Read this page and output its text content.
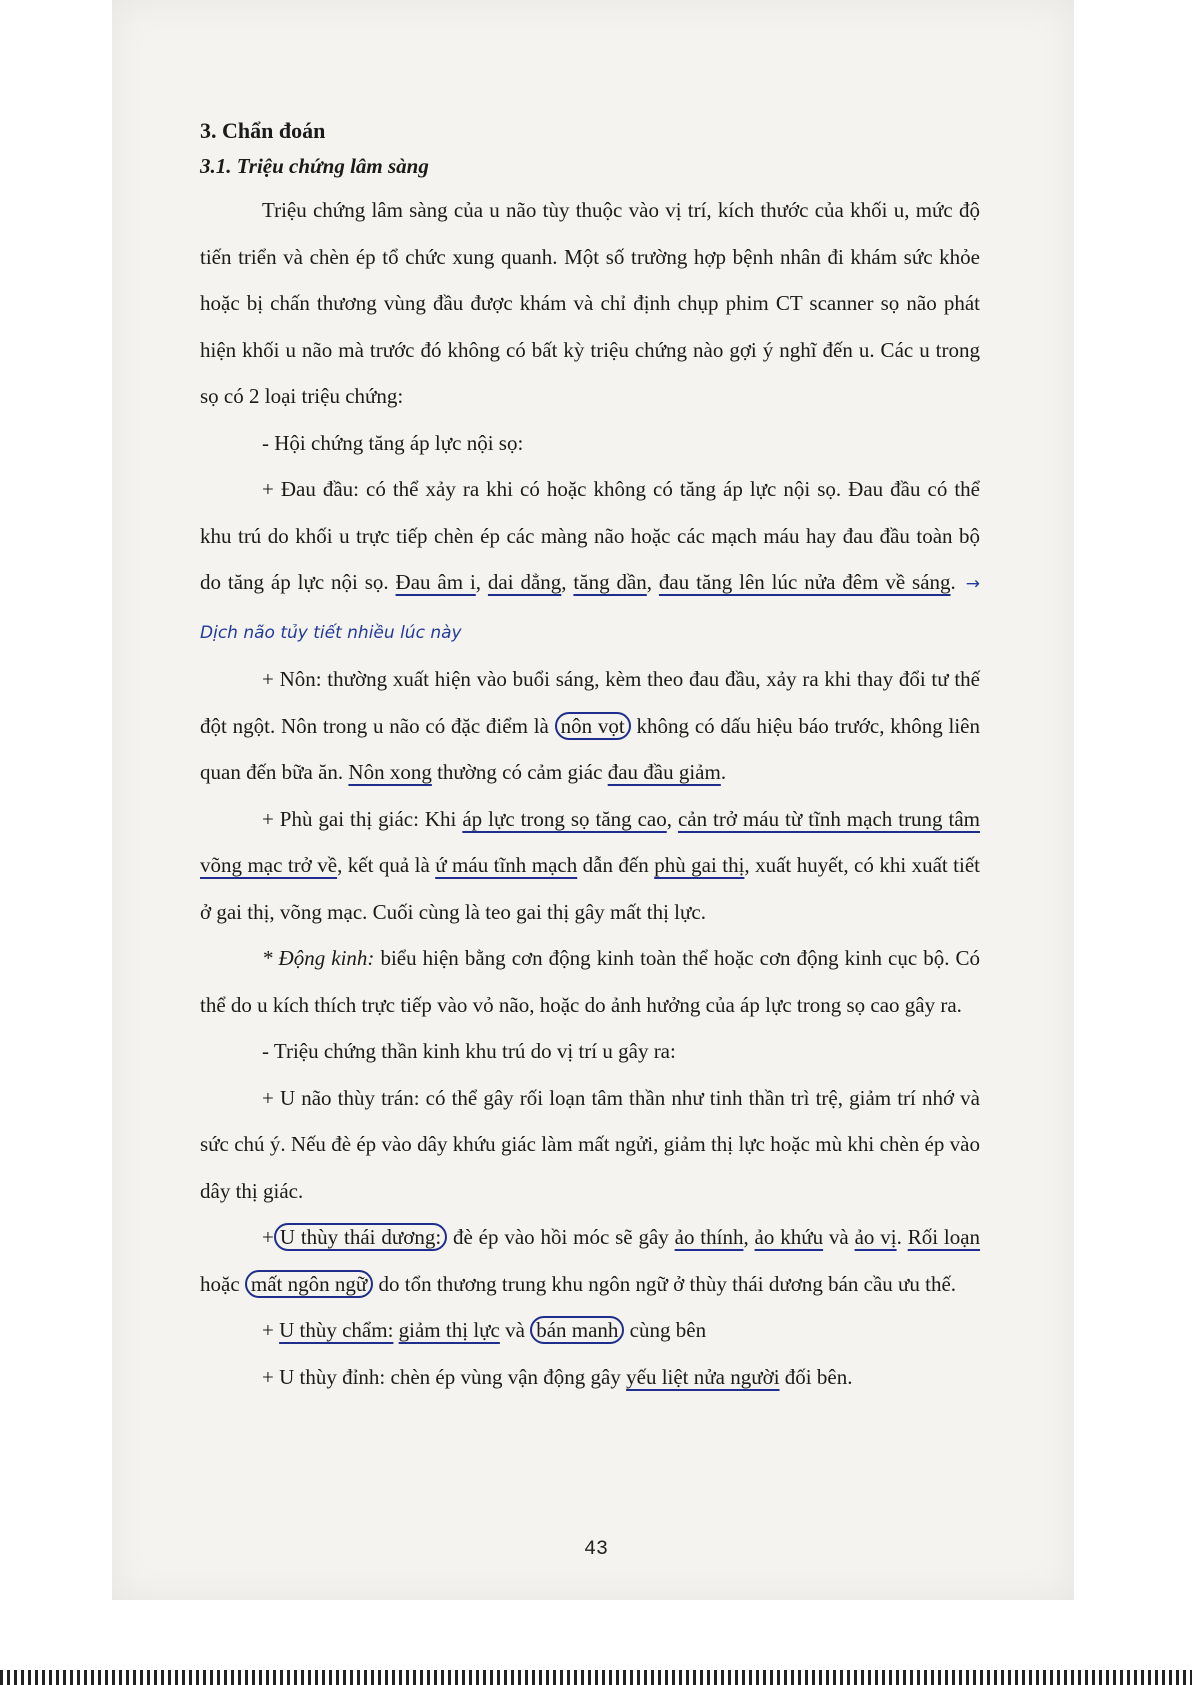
3. Chẩn đoán
3.1. Triệu chứng lâm sàng

Triệu chứng lâm sàng của u não tùy thuộc vào vị trí, kích thước của khối u, mức độ tiến triển và chèn ép tổ chức xung quanh. Một số trường hợp bệnh nhân đi khám sức khỏe hoặc bị chấn thương vùng đầu được khám và chỉ định chụp phim CT scanner sọ não phát hiện khối u não mà trước đó không có bất kỳ triệu chứng nào gợi ý nghĩ đến u. Các u trong sọ có 2 loại triệu chứng:

- Hội chứng tăng áp lực nội sọ:

+ Đau đầu: có thể xảy ra khi có hoặc không có tăng áp lực nội sọ. Đau đầu có thể khu trú do khối u trực tiếp chèn ép các màng não hoặc các mạch máu hay đau đầu toàn bộ do tăng áp lực nội sọ. Đau âm i, dai dẳng, tăng dần, đau tăng lên lúc nửa đêm về sáng. → Dịch não tủy tiết nhiều lúc này

+ Nôn: thường xuất hiện vào buổi sáng, kèm theo đau đầu, xảy ra khi thay đổi tư thế đột ngột. Nôn trong u não có đặc điểm là nôn vọt không có dấu hiệu báo trước, không liên quan đến bữa ăn. Nôn xong thường có cảm giác đau đầu giảm.

+ Phù gai thị giác: Khi áp lực trong sọ tăng cao, cản trở máu từ tĩnh mạch trung tâm võng mạc trở về, kết quả là ứ máu tĩnh mạch dẫn đến phù gai thị, xuất huyết, có khi xuất tiết ở gai thị, võng mạc. Cuối cùng là teo gai thị gây mất thị lực.

* Động kinh: biểu hiện bằng cơn động kinh toàn thể hoặc cơn động kinh cục bộ. Có thể do u kích thích trực tiếp vào vỏ não, hoặc do ảnh hưởng của áp lực trong sọ cao gây ra.

- Triệu chứng thần kinh khu trú do vị trí u gây ra:

+ U não thùy trán: có thể gây rối loạn tâm thần như tinh thần trì trệ, giảm trí nhớ và sức chú ý. Nếu đè ép vào dây khứu giác làm mất ngửi, giảm thị lực hoặc mù khi chèn ép vào dây thị giác.

+ U thùy thái dương: đè ép vào hồi móc sẽ gây ảo thính, ảo khứu và ảo vị. Rối loạn hoặc mất ngôn ngữ do tổn thương trung khu ngôn ngữ ở thùy thái dương bán cầu ưu thế.

+ U thùy chẩm: giảm thị lực và bán manh cùng bên

+ U thùy đỉnh: chèn ép vùng vận động gây yếu liệt nửa người đối bên.

43
